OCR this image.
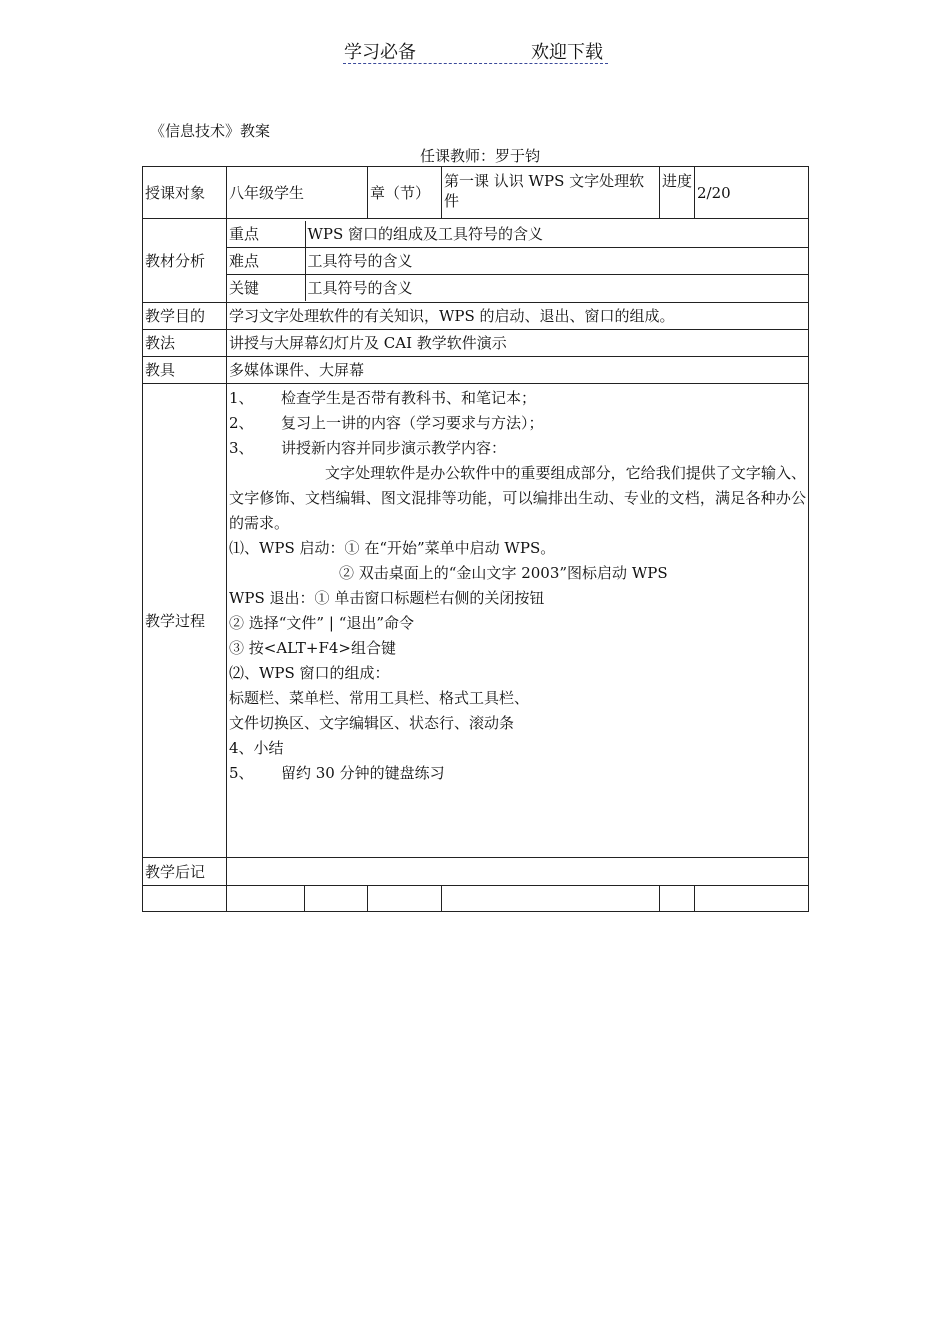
学习必备	欢迎下载
《信息技术》教案
任课教师：罗于钧
授课对象	八年级学生	章（节）	第一课 认识 WPS 文字处理软件	进度	2/20
教材分析	
重点	WPS 窗口的组成及工具符号的含义
难点	工具符号的含义
关键	工具符号的含义

教学目的	学习文字处理软件的有关知识，WPS 的启动、退出、窗口的组成。
教法	讲授与大屏幕幻灯片及 CAI 教学软件演示
教具	多媒体课件、大屏幕
教学过程	
1、 检查学生是否带有教科书、和笔记本；
2、 复习上一讲的内容（学习要求与方法）；
3、 讲授新内容并同步演示教学内容：
文字处理软件是办公软件中的重要组成部分，它给我们提供了文字输入、文字修饰、文档编辑、图文混排等功能，可以编排出生动、专业的文档，满足各种办公的需求。
⑴、WPS 启动：① 在“开始”菜单中启动 WPS。
② 双击桌面上的“金山文字 2003”图标启动 WPS
WPS 退出：① 单击窗口标题栏右侧的关闭按钮
② 选择“文件” | “退出”命令
③ 按<ALT+F4>组合键
⑵、WPS 窗口的组成：
标题栏、菜单栏、常用工具栏、格式工具栏、
文件切换区、文字编辑区、状态行、滚动条
4、小结
5、 留约 30 分钟的键盘练习

教学后记	
